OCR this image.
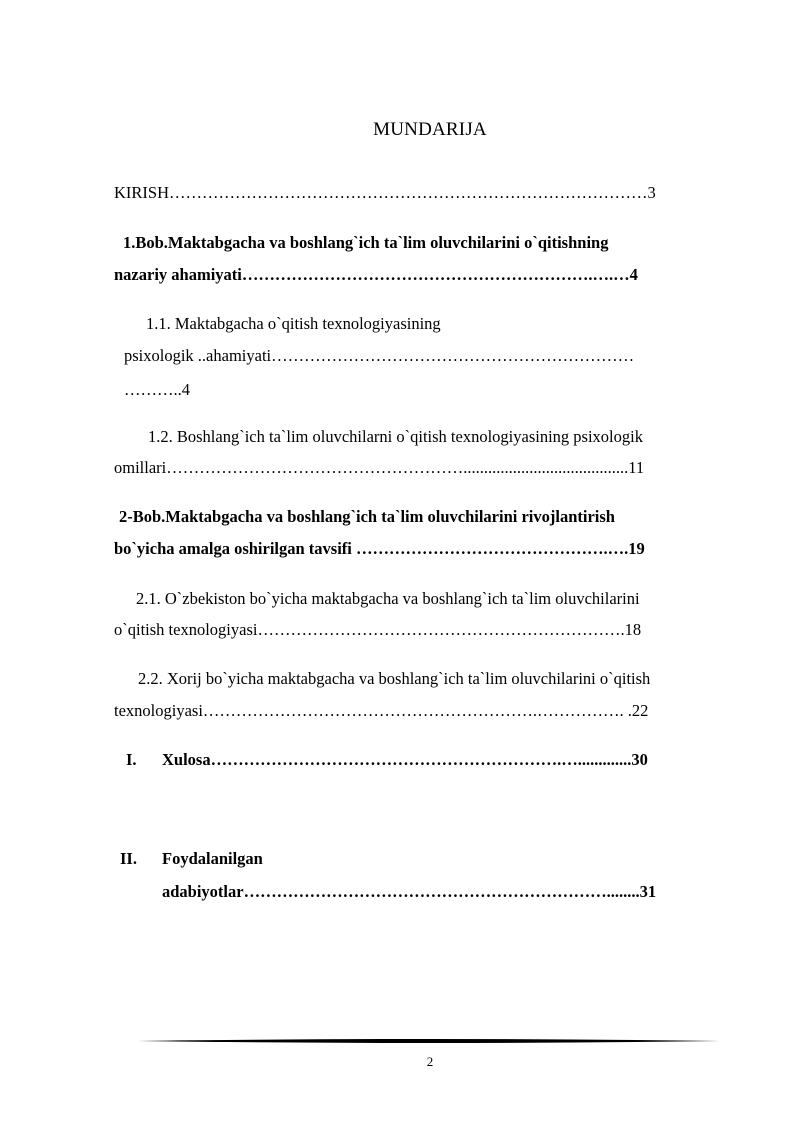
MUNDARIJA
KIRISH……………………………………………………………………………3
1.Bob.Maktabgacha va boshlang`ich ta`lim oluvchilarini o`qitishning
nazariy ahamiyati……………………………………………………….….…4
1.1. Maktabgacha o`qitish texnologiyasining
psixologik ..ahamiyati…………………………………………………………
………..4
1.2. Boshlang`ich ta`lim oluvchilarni o`qitish texnologiyasining psixologik
omillari………………………………………………........................................11
2-Bob.Maktabgacha va boshlang`ich ta`lim oluvchilarini rivojlantirish
bo`yicha amalga oshirilgan tavsifi ……………………………………….….19
2.1. O`zbekiston bo`yicha maktabgacha va boshlang`ich ta`lim oluvchilarini
o`qitish texnologiyasi………………………………………………………….18
2.2. Xorij bo`yicha maktabgacha va boshlang`ich ta`lim oluvchilarini o`qitish
texnologiyasi…………………………………………………….……………. .22
I. Xulosa……………………………………………………….….............30
II. Foydalanilgan
adabiyotlar…………………………………………………………........31
2
